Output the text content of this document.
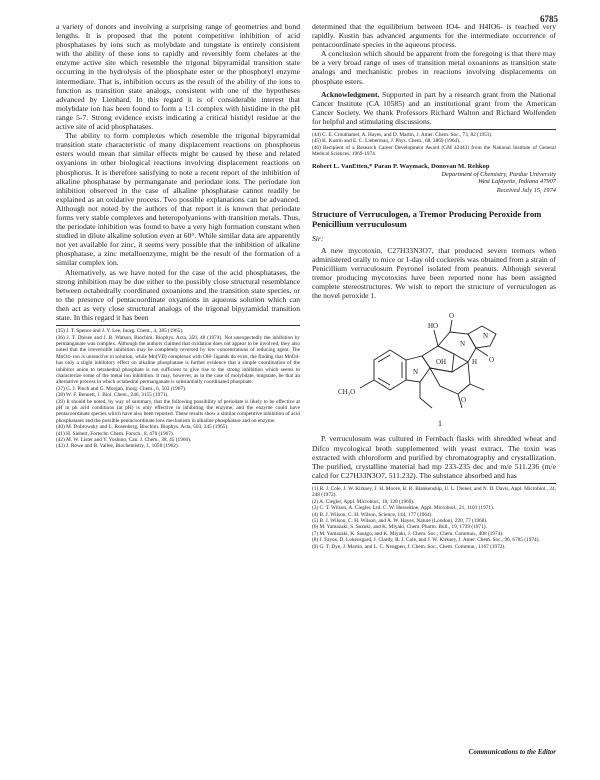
6785

a variety of donors and involving a surprising range of geometries and bond lengths. It is proposed that the potent competitive inhibition of acid phosphatases by ions such as molybdate and tungstate is entirely consistent with the ability of these ions to rapidly and reversibly form chelates at the enzyme active site which resemble the trigonal bipyramidal transition state occurring in the hydrolysis of the phosphate ester or the phosphoryl enzyme intermediate. That is, inhibition occurs as the result of the ability of the ions to function as transition state analogs, consistent with one of the hypotheses advanced by Lienhard. In this regard it is of considerable interest that molybdate ion has been found to form a 1:1 complex with histidine in the pH range 5-7. Strong evidence exists indicating a critical histidyl residue at the active site of acid phosphatases.

The ability to form complexes which resemble the trigonal bipyramidal transition state characteristic of many displacement reactions on phosphorus esters would mean that similar effects might be caused by these and related oxyanions in other biological reactions involving displacement reactions on phosphorus. It is therefore satisfying to note a recent report of the inhibition of alkaline phosphatase by permanganate and periodate ions. The periodate ion inhibition observed in the case of alkaline phosphatase cannot readily be explained as an oxidative process. Two possible explanations can be advanced. Although not noted by the authors of that report it is known that periodate forms very stable complexes and heteropolyanions with transition metals. Thus, the periodate inhibition was found to have a very high formation constant when studied in dilute alkaline solution even at 60°. While similar data are apparently not yet available for zinc, it seems very possible that the inhibition of alkaline phosphatase, a zinc metalloenzyme, might be the result of the formation of a similar complex ion.

Alternatively, as we have noted for the case of the acid phosphatases, the strong inhibition may be due either to the possibly close structural resemblance between octahedrally coordinated oxoanions and the transition state species, or to the presence of pentacoordinate oxyanions in aqueous solution which can then act as very close structural analogs of the trigonal bipyramidal transition state. In this regard it has been

(35) J. T. Spence and J. Y. Lee, Inorg. Chem., 4, 385 (1965).

(36) J. T. Dhisee and J. B. Watson, Biochim. Biophys. Acta, 350, 48 (1974). Not unexpectedly the inhibition by permanganate was complex. Although the authors claimed that oxidation does not appear to be involved, they also noted that the irreversible inhibition may be completely reversed by low concentrations of reducing agent. The MnO4- ion is unreactive in solution, while Mn(VII) complexes with OH- ligands do exist, the finding that MnO4- has only a slight inhibitory effect on alkaline phosphatase is further evidence that a simple coordination of the inhibitor anion to tetrahedral phosphate is not sufficient to give rise to the strong inhibition which seems to characterize some of the metal ion inhibition. It may, however, as in the case of molybdate, tungstate, be that an alternative process in which octahedral permanganate is substantially coordinated phosphate.

(37) G. J. Pinch and G. Morgan, Inorg. Chem., 6, 503 (1967).

(38) W. F. Bennett, J. Biol. Chem., 246, 3155 (1971).

(39) It should be noted, by way of summary, that the following possibility of periodate is likely to be effective at pH in ph acid conditions (at pH) is only effective in inhibiting the enzyme, and the enzyme could have pentacoordinate species which have also been reported. These results show a similar competitive inhibition of acid phosphatases and the possible pentacoordinate ions mechanism in alkaline phosphatase and on enzyme.

(40) M. Dobrowsky and L. Rosenberg, Biochim. Biophys. Acta, 503, 345 (1965).

(41) H. Siebert, Fortschr. Chem. Forsch., 8, 470 (1967).

(42) M. W. Lister and Y. Yoshino, Can. J. Chem., 38, 45 (1960).

(43) J. Rowe and B. Vallee, Biochemistry, 1, 1058 (1962).

determined that the equilibrium between IO4- and H4IO6- is reached very rapidly. Kustin has advanced arguments for the intermediate occurrence of pentacoordinate species in the aqueous process.

A conclusion which should be apparent from the foregoing is that there may be a very broad range of uses of transition metal oxoanions as transition state analogs and mechanistic probes in reactions involving displacements on phosphate esters.

Acknowledgment. Supported in part by a research grant from the National Cancer Institute (CA 10585) and an institutional grant from the American Cancer Society. We thank Professors Richard Walton and Richard Wolfenden for helpful and stimulating discussions.

(44) C. E. Crouthamel, A. Hayes, and D. Martin, J. Amer. Chem. Soc., 73, 82 (1951).

(45) K. Kustin and E. C. Lieberman, J. Phys. Chem., 68, 3869 (1964).

(46) Recipient of a Research Career Development Award (GM 42443) from the National Institute of General Medical Sciences, 1969-1974.

Robert L. VanEtten,* Paran P. Waymack, Donovan M. Rehkop

Department of Chemistry, Purdue University

West Lafayette, Indiana 47907

Received July 15, 1974

Structure of Verruculogen, a Tremor Producing Peroxide from Penicillium verruculosum
Sir:

A new mycotoxin, C27H33N3O7, that produced severe tremors when administered orally to mice or 1-day old cockerels was obtained from a strain of Penicillium verruculosum Peyronel isolated from peanuts. Although several tremor producing mycotoxins have been reported none has been assigned complete stereostructures. We wish to report the structure of verruculogen as the novel peroxide 1.

HO
O
O
O
N
N
N
H
OH
CH₃O
1

P. verruculosum was cultured in Fernbach flasks with shredded wheat and Difco mycological broth supplemented with yeast extract. The toxin was extracted with chloroform and purified by chromatography and crystallization. The purified, crystalline material had mp 233-235 dec and m/e 511.236 (m/e calcd for C27H33N3O7, 511.232). The substance absorbed and has

(1) R. J. Cole, J. W. Kirksey, J. H. Moore, B. R. Blankenship, U. L. Diener, and N. D. Davis, Appl. Microbiol., 24, 248 (1972).

(2) A. Ciegler, Appl. Microbiol., 18, 128 (1969).

(3) C. T. Wilson, A. Ciegler, Ltd. C. W. Hesseltine, Appl. Microbiol., 21, 1101 (1971).

(4) B. J. Wilson, C. H. Wilson, Science, 144, 177 (1964).

(5) B. J. Wilson, C. H. Wilson, and A. W. Hayes, Nature (London), 220, 77 (1968).

(6) M. Yamazaki, S. Suzuki, and K. Miyaki, Chem. Pharm. Bull., 19, 1739 (1971).

(7) M. Yamazaki, K. Sasago, and K. Miyaki, J. Chem. Soc., Chem. Commun., 408 (1974).

(8) J. Fayos, D. Lokensgard, J. Clardy, R. J. Cole, and J. W. Kirksey, J. Amer. Chem. Soc., 96, 6785 (1974).

(9) G. T. Dye, J. Martin, and L. C. Neugpen, J. Chem. Soc., Chem. Commun., 1167 (1972).

Communications to the Editor
